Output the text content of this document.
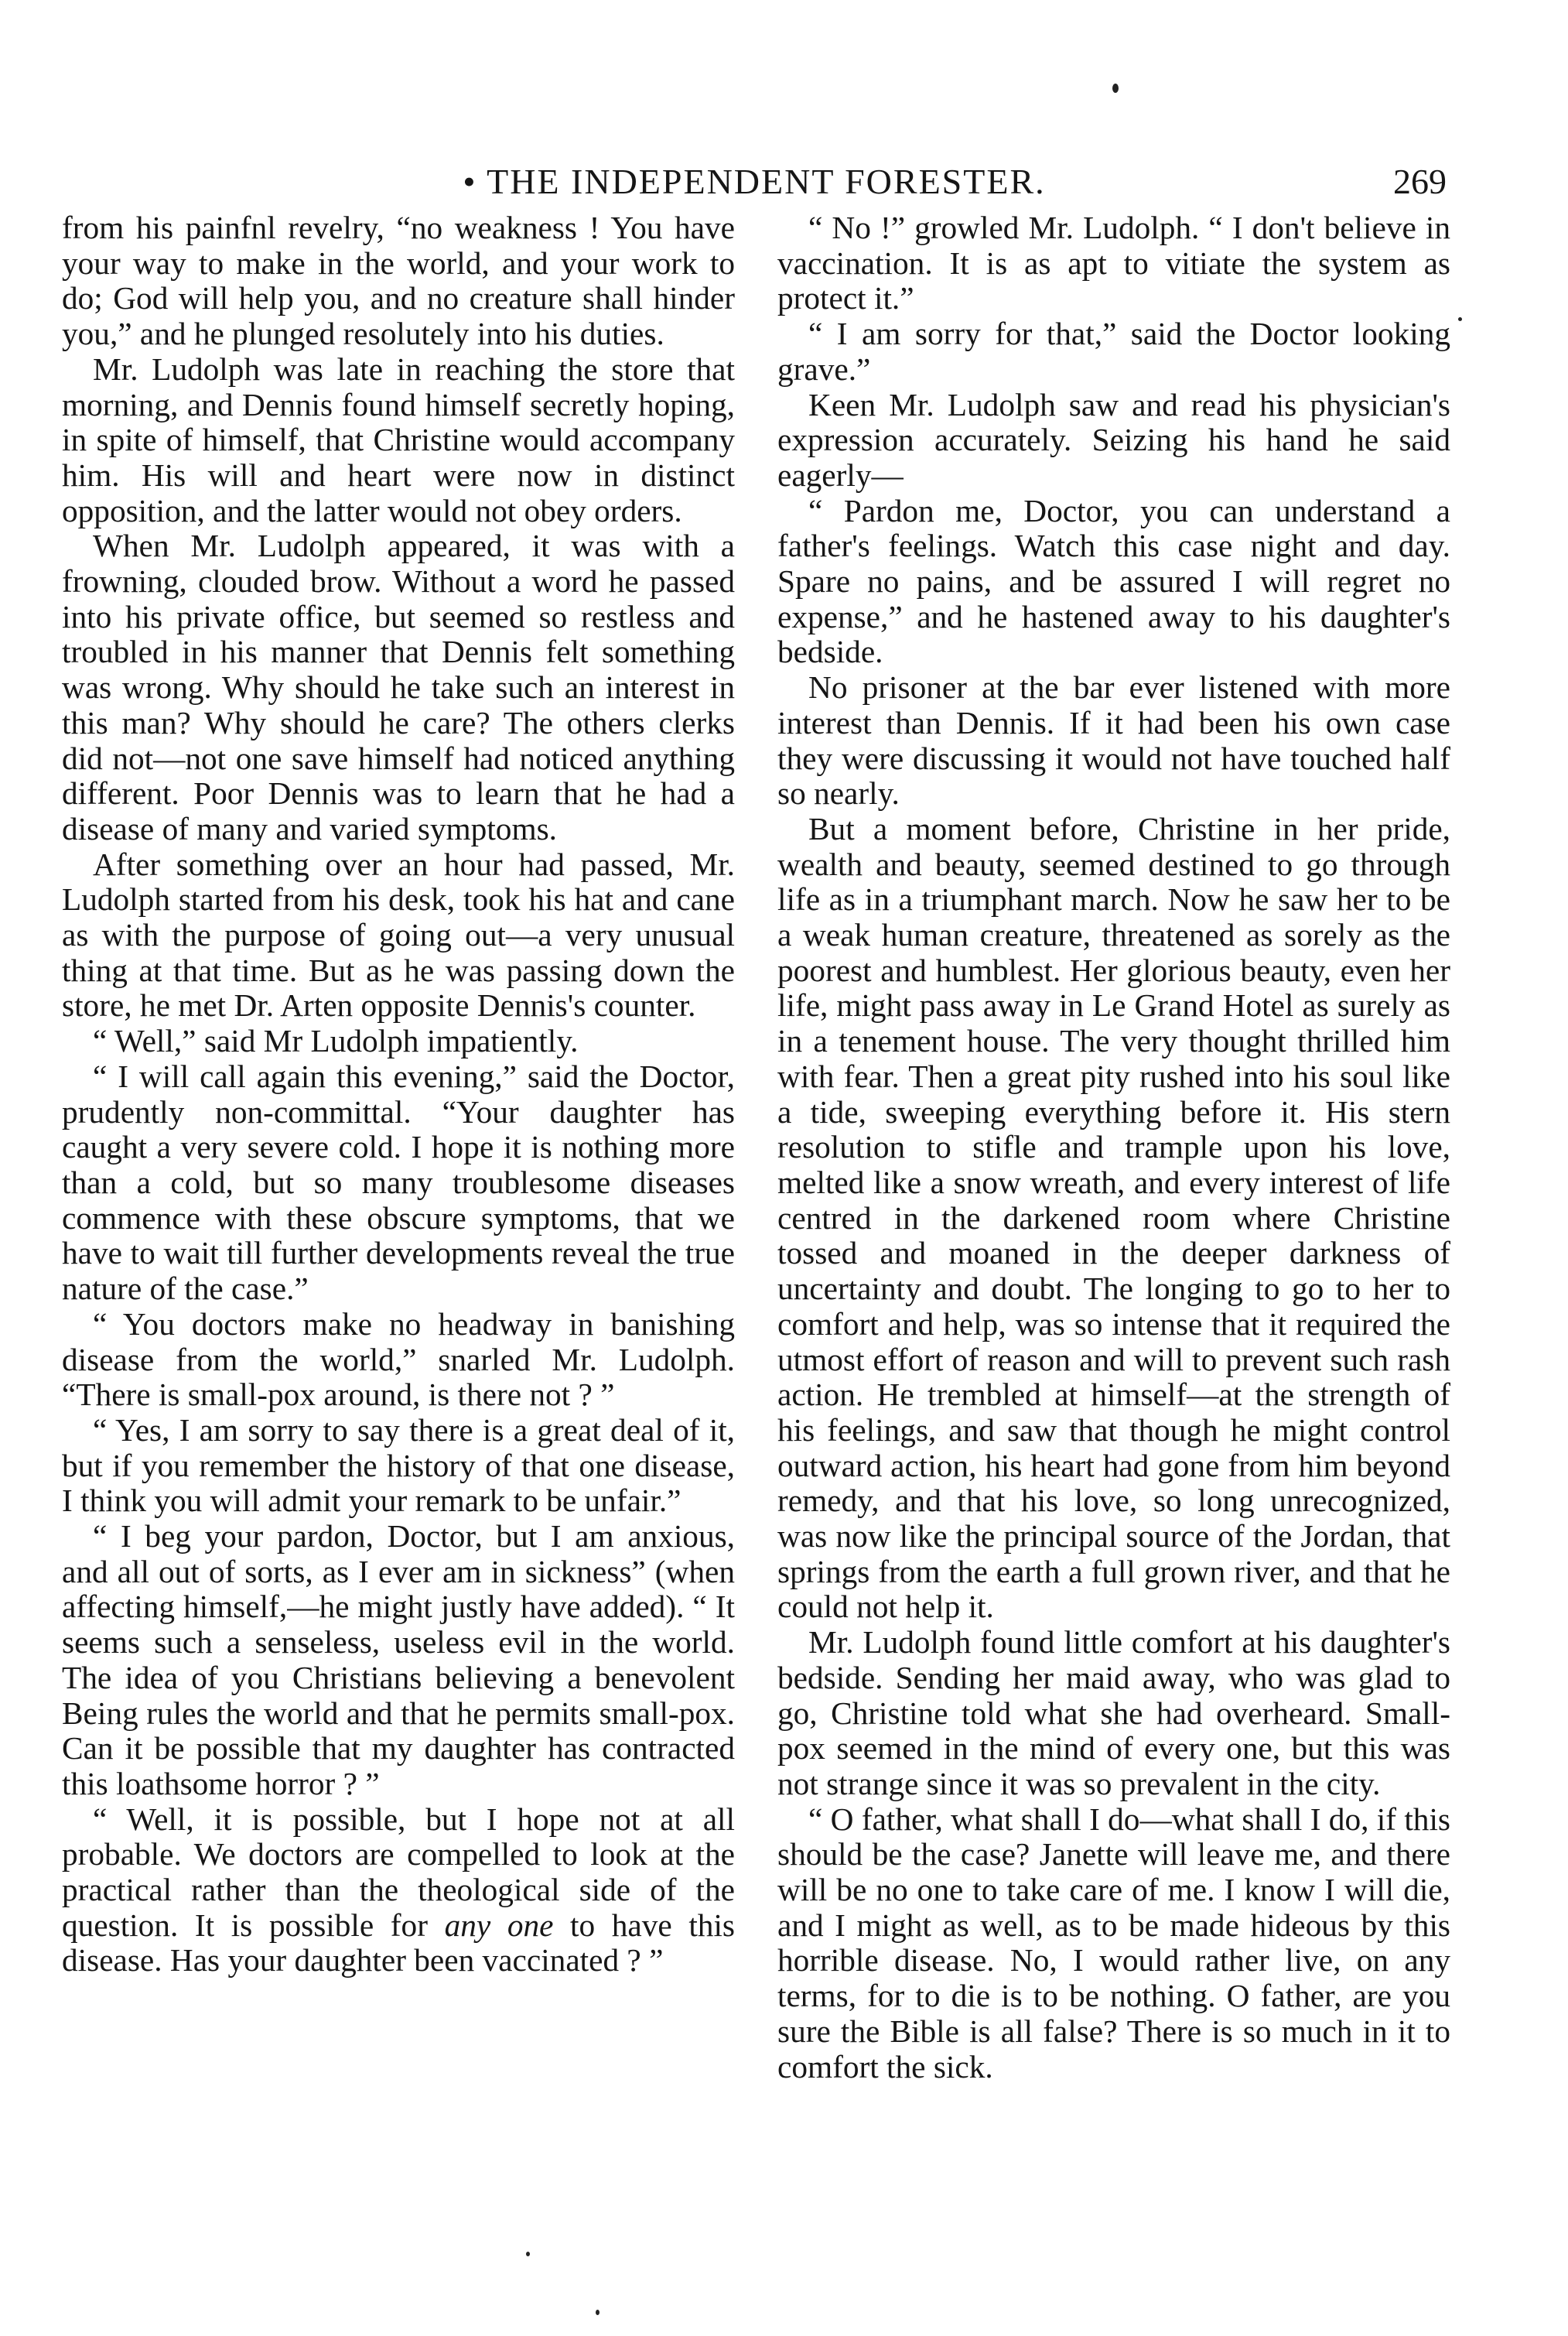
• THE INDEPENDENT FORESTER.	269

from his painfnl revelry, “no weakness ! You have your way to make in the world, and your work to do; God will help you, and no creature shall hinder you,” and he plunged resolutely into his duties.

Mr. Ludolph was late in reaching the store that morning, and Dennis found himself secretly hoping, in spite of himself, that Christine would accompany him. His will and heart were now in distinct opposition, and the latter would not obey orders.

When Mr. Ludolph appeared, it was with a frowning, clouded brow. Without a word he passed into his private office, but seemed so restless and troubled in his manner that Dennis felt something was wrong. Why should he take such an interest in this man? Why should he care? The others clerks did not—not one save himself had noticed anything different. Poor Dennis was to learn that he had a disease of many and varied symptoms.

After something over an hour had passed, Mr. Ludolph started from his desk, took his hat and cane as with the purpose of going out—a very unusual thing at that time. But as he was passing down the store, he met Dr. Arten opposite Dennis's counter.

“ Well,” said Mr Ludolph impatiently.

“ I will call again this evening,” said the Doctor, prudently non-committal. “Your daughter has caught a very severe cold. I hope it is nothing more than a cold, but so many troublesome diseases commence with these obscure symptoms, that we have to wait till further developments reveal the true nature of the case.”

“ You doctors make no headway in banishing disease from the world,” snarled Mr. Ludolph. “There is small-pox around, is there not ? ”

“ Yes, I am sorry to say there is a great deal of it, but if you remember the history of that one disease, I think you will admit your remark to be unfair.”

“ I beg your pardon, Doctor, but I am anxious, and all out of sorts, as I ever am in sickness” (when affecting himself,—he might justly have added). “ It seems such a senseless, useless evil in the world. The idea of you Christians believing a benevolent Being rules the world and that he permits small-pox. Can it be possible that my daughter has contracted this loathsome horror ? ”

“ Well, it is possible, but I hope not at all probable. We doctors are compelled to look at the practical rather than the theological side of the question. It is possible for any one to have this disease. Has your daughter been vaccinated ? ”

“ No !” growled Mr. Ludolph. “ I don't believe in vaccination. It is as apt to vitiate the system as protect it.”

“ I am sorry for that,” said the Doctor looking grave.”

Keen Mr. Ludolph saw and read his physician's expression accurately. Seizing his hand he said eagerly—

“ Pardon me, Doctor, you can understand a father's feelings. Watch this case night and day. Spare no pains, and be assured I will regret no expense,” and he hastened away to his daughter's bedside.

No prisoner at the bar ever listened with more interest than Dennis. If it had been his own case they were discussing it would not have touched half so nearly.

But a moment before, Christine in her pride, wealth and beauty, seemed destined to go through life as in a triumphant march. Now he saw her to be a weak human creature, threatened as sorely as the poorest and humblest. Her glorious beauty, even her life, might pass away in Le Grand Hotel as surely as in a tenement house. The very thought thrilled him with fear. Then a great pity rushed into his soul like a tide, sweeping everything before it. His stern resolution to stifle and trample upon his love, melted like a snow wreath, and every interest of life centred in the darkened room where Christine tossed and moaned in the deeper darkness of uncertainty and doubt. The longing to go to her to comfort and help, was so intense that it required the utmost effort of reason and will to prevent such rash action. He trembled at himself—at the strength of his feelings, and saw that though he might control outward action, his heart had gone from him beyond remedy, and that his love, so long unrecognized, was now like the principal source of the Jordan, that springs from the earth a full grown river, and that he could not help it.

Mr. Ludolph found little comfort at his daughter's bedside. Sending her maid away, who was glad to go, Christine told what she had overheard. Small-pox seemed in the mind of every one, but this was not strange since it was so prevalent in the city.

“ O father, what shall I do—what shall I do, if this should be the case? Janette will leave me, and there will be no one to take care of me. I know I will die, and I might as well, as to be made hideous by this horrible disease. No, I would rather live, on any terms, for to die is to be nothing. O father, are you sure the Bible is all false? There is so much in it to comfort the sick.
